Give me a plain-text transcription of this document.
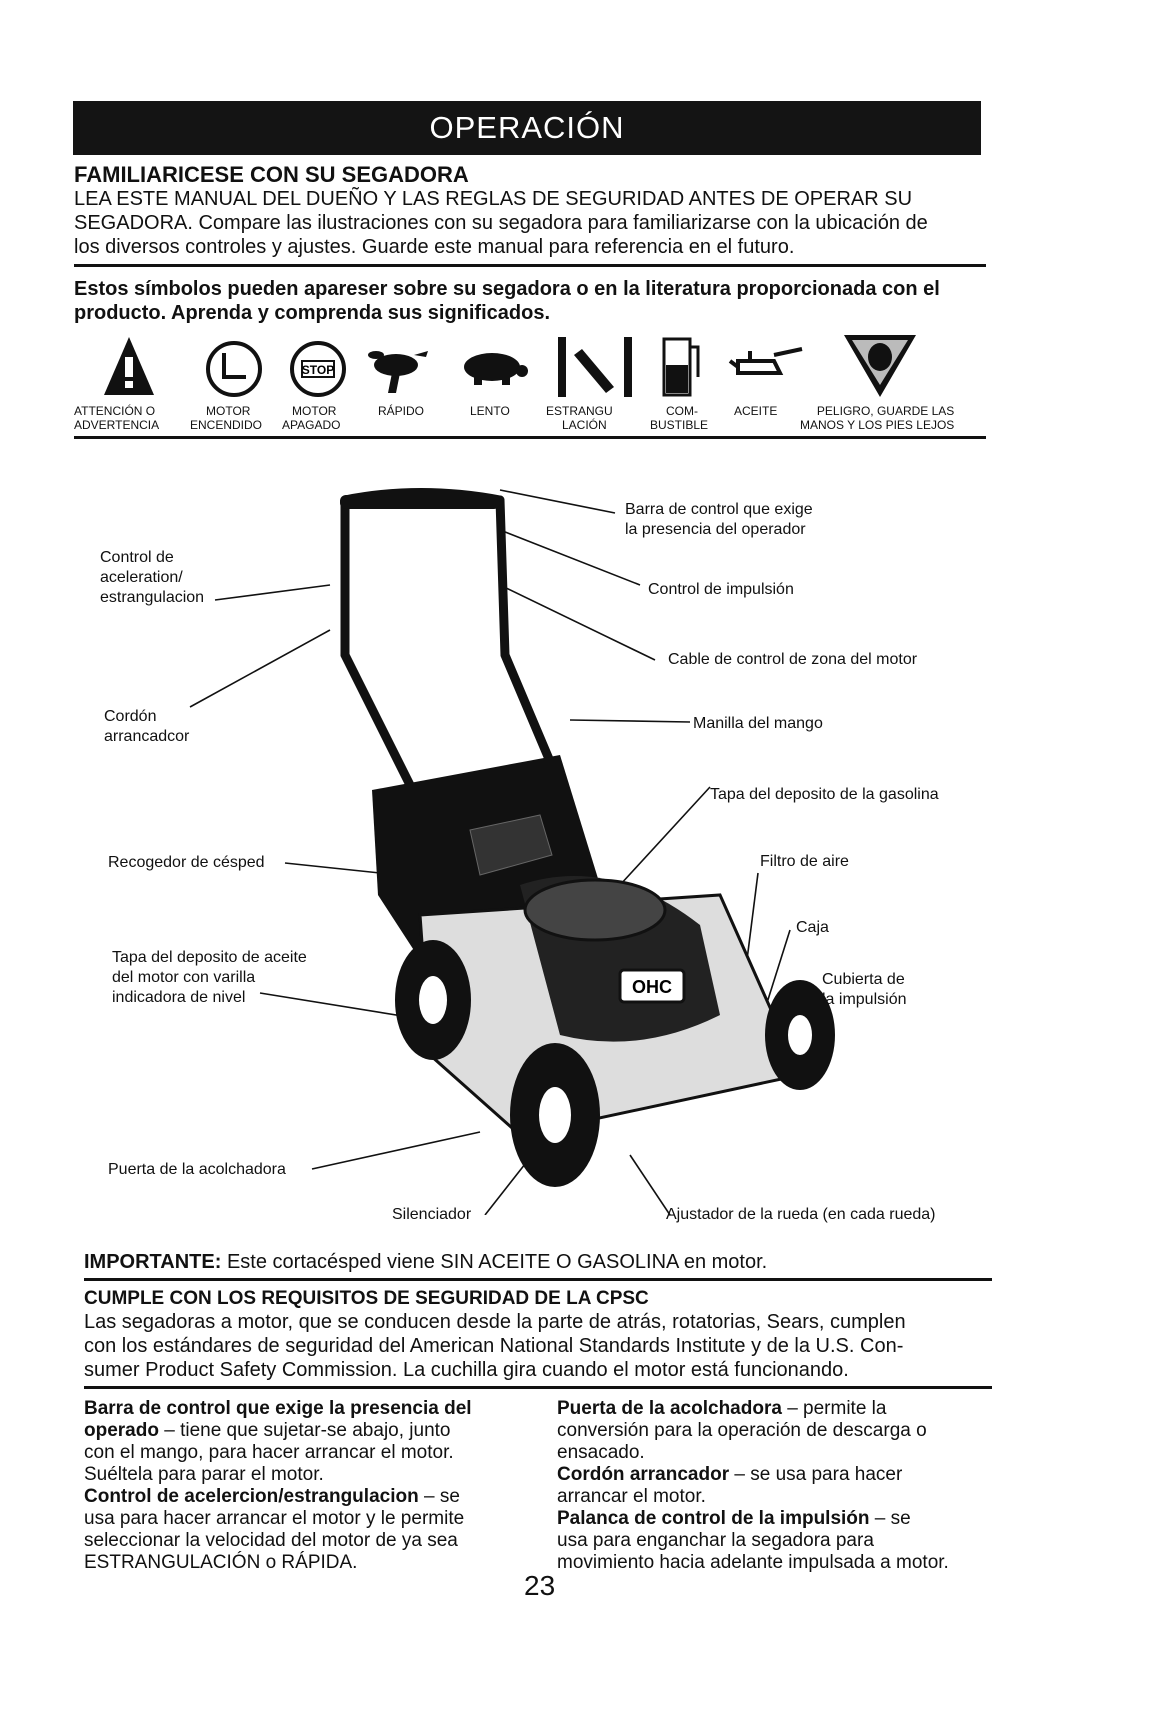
OPERACIÓN
FAMILIARICESE CON SU SEGADORA
LEA ESTE MANUAL DEL DUEÑO Y LAS REGLAS DE SEGURIDAD ANTES DE OPERAR SU
SEGADORA. Compare las ilustraciones con su segadora para familiarizarse con la ubicación de
los diversos controles y ajustes. Guarde este manual para referencia en el futuro.
Estos símbolos pueden apareser sobre su segadora o en la literatura proporcionada con el
producto. Aprenda y comprenda sus significados.
STOP
ATTENCIÓN O
ADVERTENCIA
MOTOR
ENCENDIDO
MOTOR
APAGADO
RÁPIDO	LENTO	ESTRANGU
LACIÓN
COM-
BUSTIBLE
ACEITE	PELIGRO, GUARDE LAS
MANOS Y LOS PIES LEJOS
OHC
Barra de control que exige
la presencia del operador
Control de
aceleration/
estrangulacion	Control de impulsión
Cable de control de zona del motor
Cordón
arrancadcor
Manilla del mango
Tapa del deposito de la gasolina
Recogedor de césped	Filtro de aire
Caja
Tapa del deposito de aceite
del motor con varilla
indicadora de nivel
Cubierta de
la impulsión
Puerta de la acolchadora
Silenciador	Ajustador de la rueda (en cada rueda)
IMPORTANTE: Este cortacésped viene SIN ACEITE O GASOLINA en motor.
CUMPLE CON LOS REQUISITOS DE SEGURIDAD DE LA CPSC
Las segadoras a motor, que se conducen desde la parte de atrás, rotatorias, Sears, cumplen
con los estándares de seguridad del American National Standards Institute y de la U.S. Con-
sumer Product Safety Commission. La cuchilla gira cuando el motor está funcionando.
Barra de control que exige la presencia del
operado – tiene que sujetar-se abajo, junto
con el mango, para hacer arrancar el motor.
Suéltela para parar el motor.
Control de acelercion/estrangulacion – se
usa para hacer arrancar el motor y le permite
seleccionar la velocidad del motor de ya sea
ESTRANGULACIÓN o RÁPIDA.
Puerta de la acolchadora – permite la
conversión para la operación de descarga o
ensacado.
Cordón arrancador – se usa para hacer
arrancar el motor.
Palanca de control de la impulsión – se
usa para enganchar la segadora para
movimiento hacia adelante impulsada a motor.
23
